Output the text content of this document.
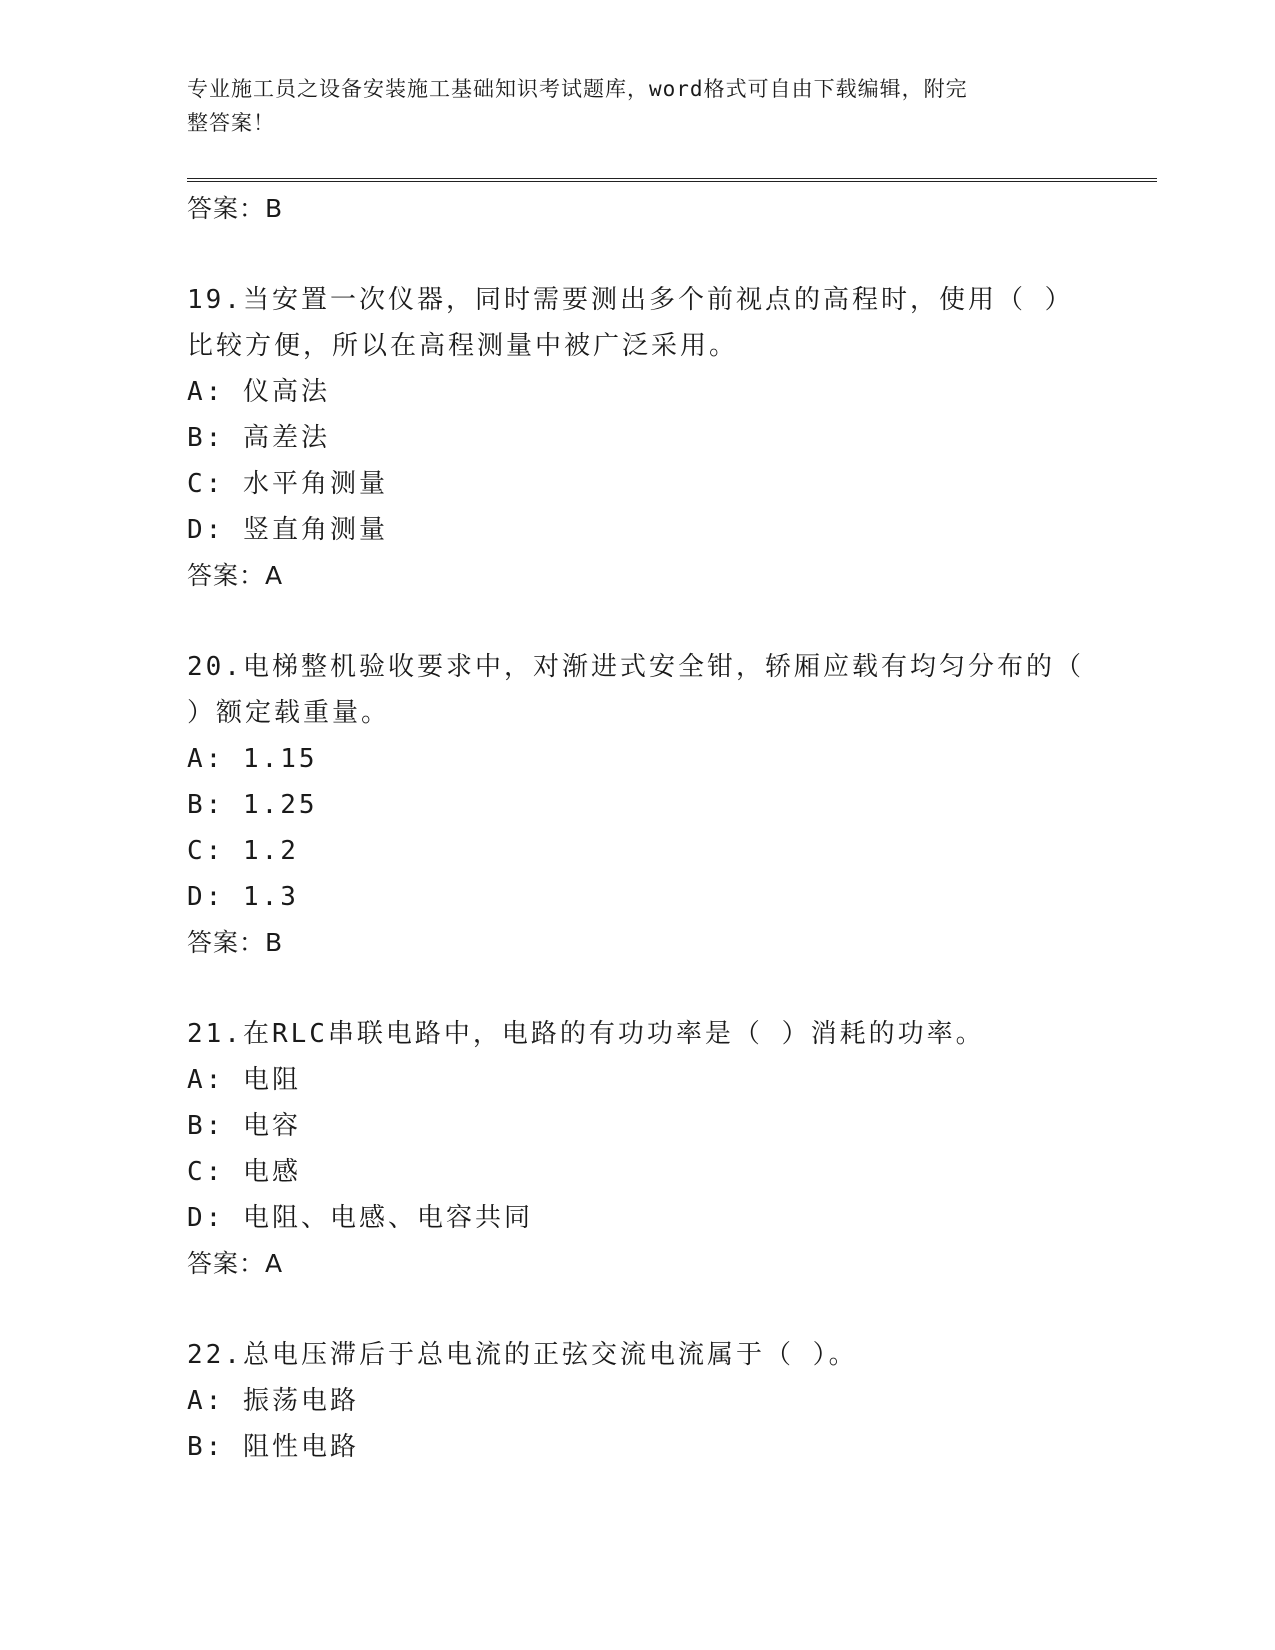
专业施工员之设备安装施工基础知识考试题库，word格式可自由下载编辑，附完
整答案！
答案：B
19.当安置一次仪器，同时需要测出多个前视点的高程时，使用（ ）
比较方便，所以在高程测量中被广泛采用。
A: 仪高法
B: 高差法
C: 水平角测量
D: 竖直角测量
答案：A
20.电梯整机验收要求中，对渐进式安全钳，轿厢应载有均匀分布的（
）额定载重量。
A: 1.15
B: 1.25
C: 1.2
D: 1.3
答案：B
21.在RLC串联电路中，电路的有功功率是（ ）消耗的功率。
A: 电阻
B: 电容
C: 电感
D: 电阻、电感、电容共同
答案：A
22.总电压滞后于总电流的正弦交流电流属于（ ）。
A: 振荡电路
B: 阻性电路
